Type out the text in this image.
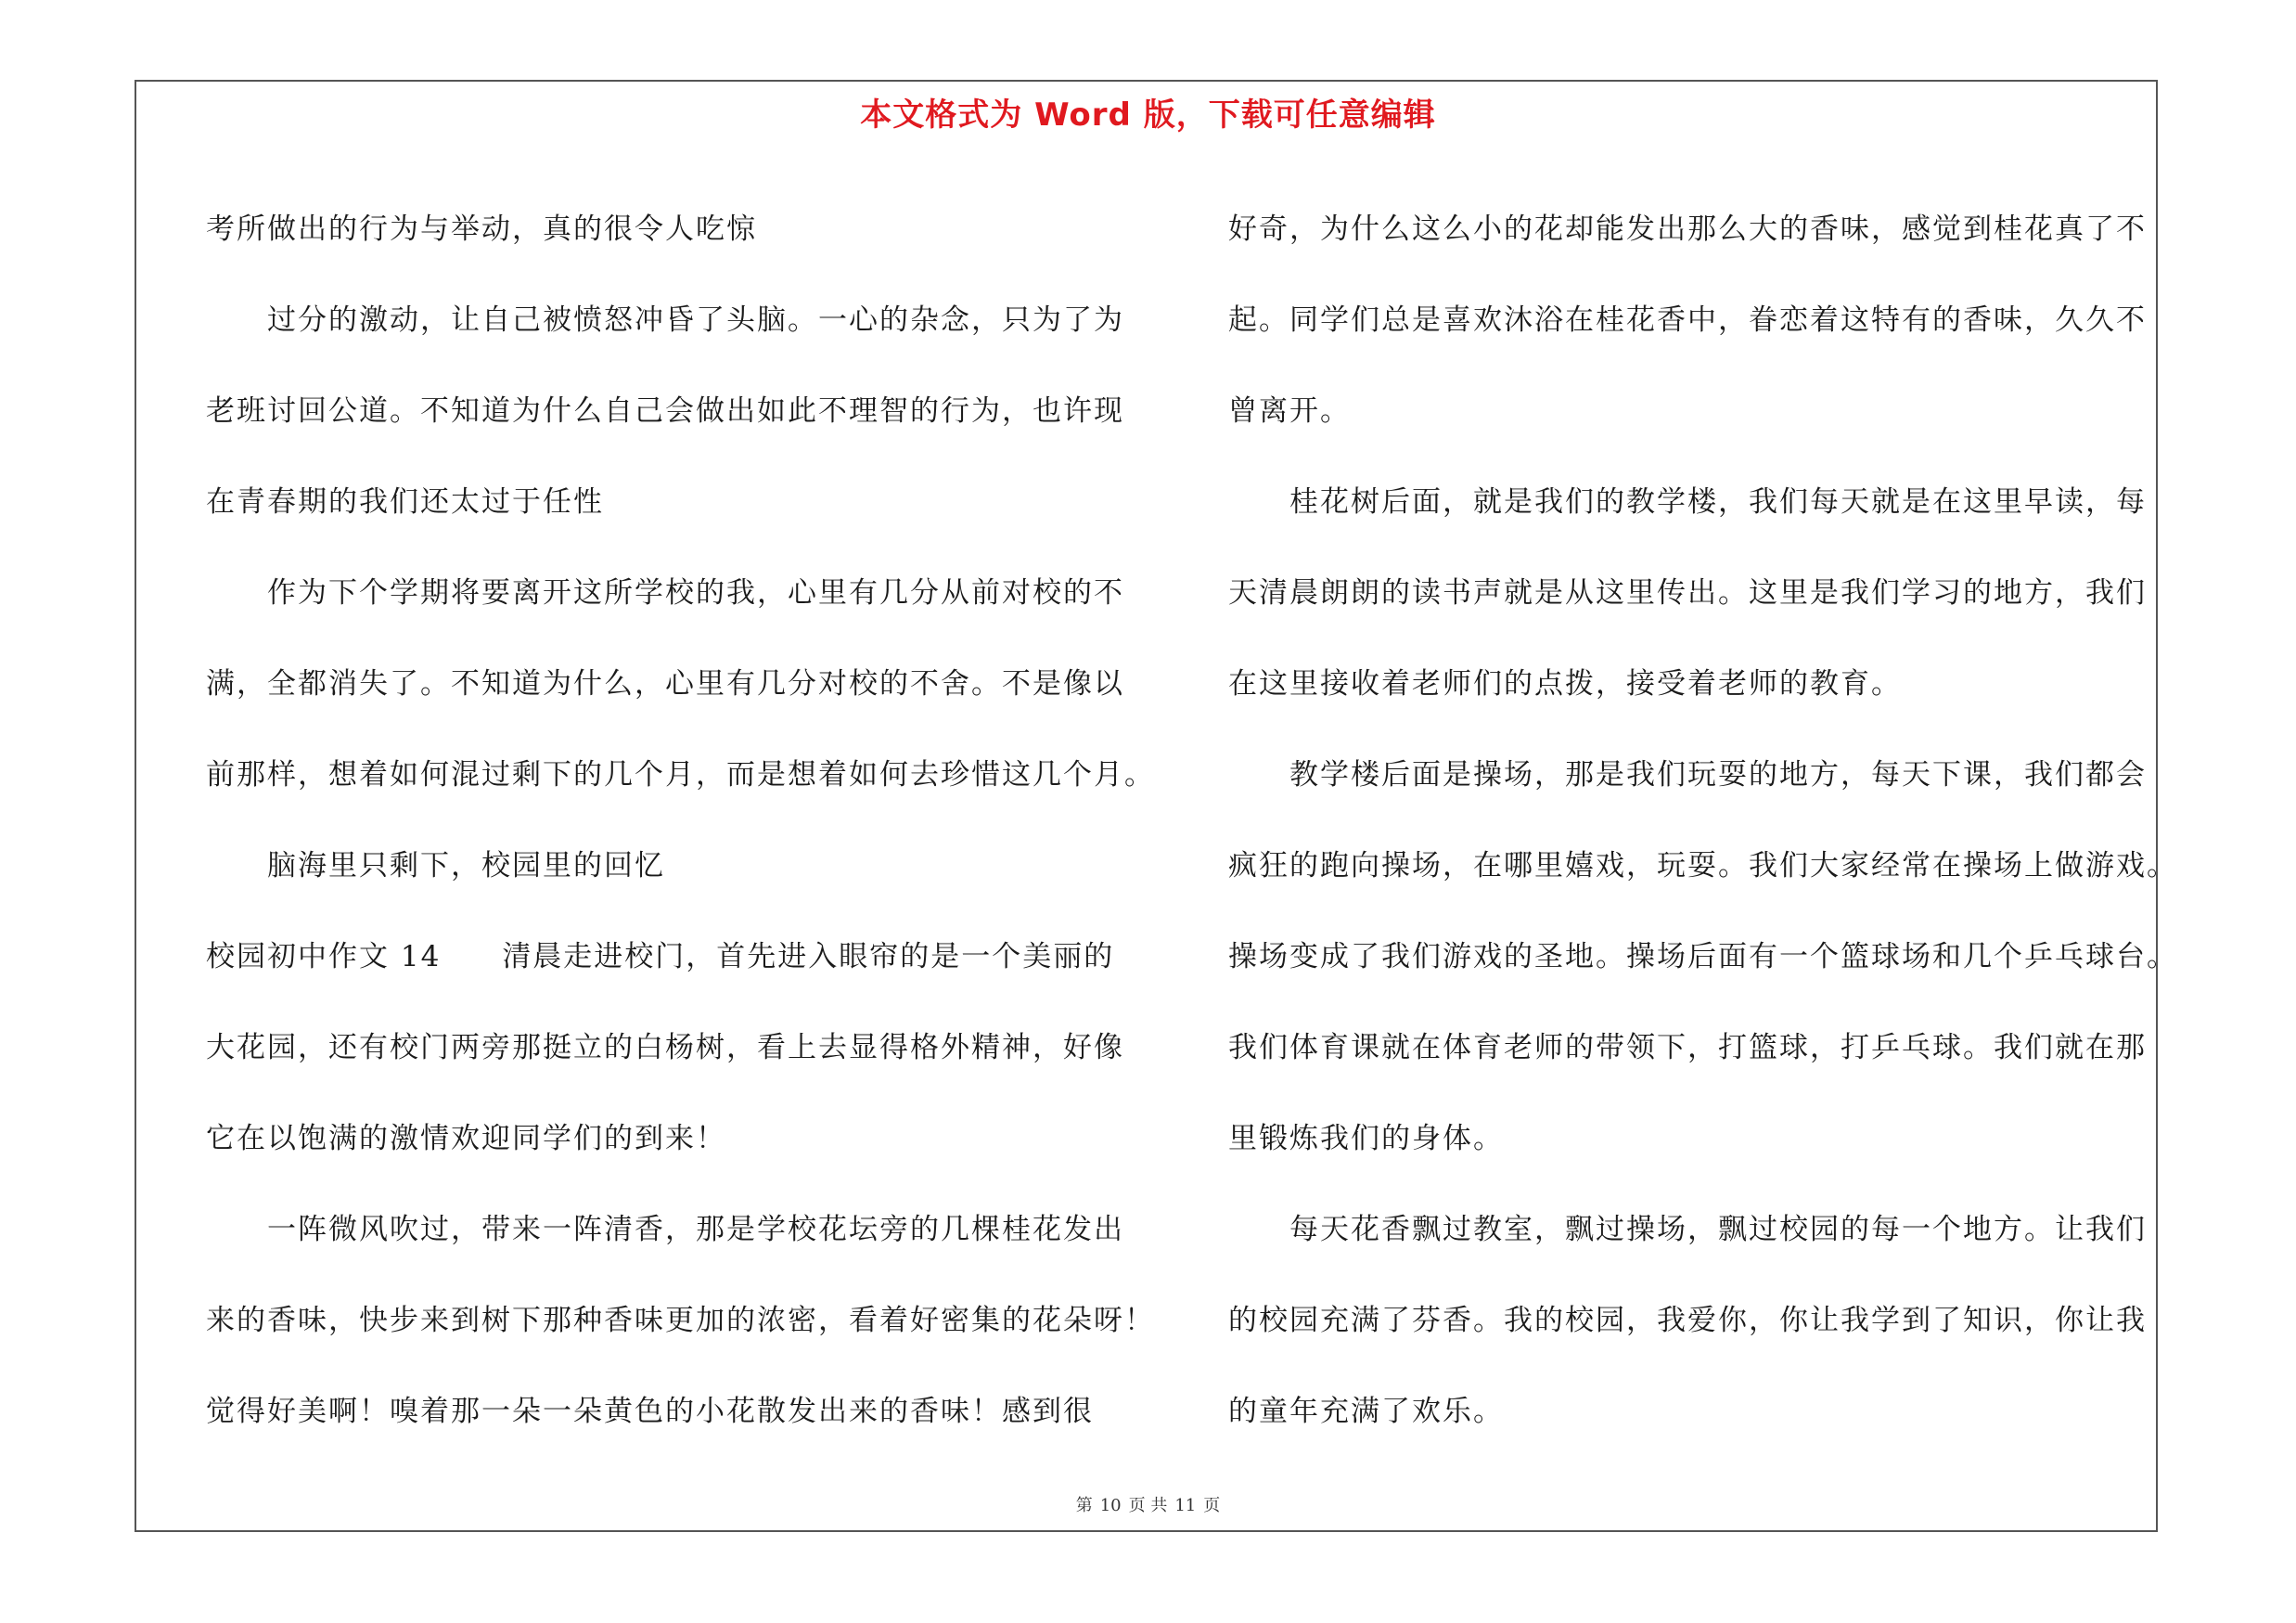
本文格式为 Word 版，下载可任意编辑
考所做出的行为与举动，真的很令人吃惊
　　过分的激动，让自己被愤怒冲昏了头脑。一心的杂念，只为了为
老班讨回公道。不知道为什么自己会做出如此不理智的行为，也许现
在青春期的我们还太过于任性
　　作为下个学期将要离开这所学校的我，心里有几分从前对校的不
满，全都消失了。不知道为什么，心里有几分对校的不舍。不是像以
前那样，想着如何混过剩下的几个月，而是想着如何去珍惜这几个月。
　　脑海里只剩下，校园里的回忆
校园初中作文 14 清晨走进校门，首先进入眼帘的是一个美丽的
大花园，还有校门两旁那挺立的白杨树，看上去显得格外精神，好像
它在以饱满的激情欢迎同学们的到来！
　　一阵微风吹过，带来一阵清香，那是学校花坛旁的几棵桂花发出
来的香味，快步来到树下那种香味更加的浓密，看着好密集的花朵呀！
觉得好美啊！嗅着那一朵一朵黄色的小花散发出来的香味！感到很
好奇，为什么这么小的花却能发出那么大的香味，感觉到桂花真了不
起。同学们总是喜欢沐浴在桂花香中，眷恋着这特有的香味，久久不
曾离开。
　　桂花树后面，就是我们的教学楼，我们每天就是在这里早读，每
天清晨朗朗的读书声就是从这里传出。这里是我们学习的地方，我们
在这里接收着老师们的点拨，接受着老师的教育。
　　教学楼后面是操场，那是我们玩耍的地方，每天下课，我们都会
疯狂的跑向操场，在哪里嬉戏，玩耍。我们大家经常在操场上做游戏。
操场变成了我们游戏的圣地。操场后面有一个篮球场和几个乒乓球台。
我们体育课就在体育老师的带领下，打篮球，打乒乓球。我们就在那
里锻炼我们的身体。
　　每天花香飘过教室，飘过操场，飘过校园的每一个地方。让我们
的校园充满了芬香。我的校园，我爱你，你让我学到了知识，你让我
的童年充满了欢乐。
第 10 页 共 11 页
